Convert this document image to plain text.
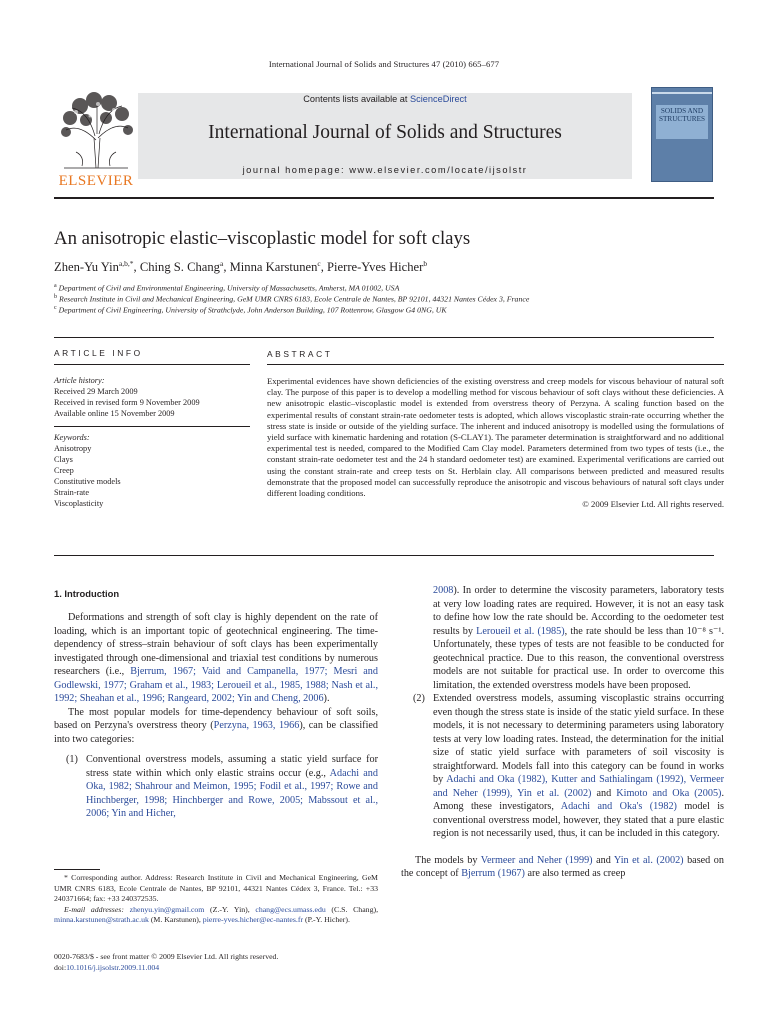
International Journal of Solids and Structures 47 (2010) 665–677
ELSEVIER
Contents lists available at ScienceDirect
International Journal of Solids and Structures
journal homepage: www.elsevier.com/locate/ijsolstr
SOLIDS AND
STRUCTURES
An anisotropic elastic–viscoplastic model for soft clays
Zhen-Yu Yin$^{a,b,*}$, Ching S. Chang$^a$, Minna Karstunen$^c$, Pierre-Yves Hicher$^b$
$^a$ Department of Civil and Environmental Engineering, University of Massachusetts, Amherst, MA 01002, USA
$^b$ Research Institute in Civil and Mechanical Engineering, GeM UMR CNRS 6183, Ecole Centrale de Nantes, BP 92101, 44321 Nantes Cédex 3, France
$^c$ Department of Civil Engineering, University of Strathclyde, John Anderson Building, 107 Rottenrow, Glasgow G4 0NG, UK
ARTICLE INFO	ABSTRACT
Article history:
Received 29 March 2009
Received in revised form 9 November 2009
Available online 15 November 2009
Keywords:
Anisotropy
Clays
Creep
Constitutive models
Strain-rate
Viscoplasticity
Experimental evidences have shown deficiencies of the existing overstress and creep models for viscous behaviour of natural soft clay. The purpose of this paper is to develop a modelling method for viscous behaviour of soft clays without these deficiencies. A new anisotropic elastic–viscoplastic model is extended from overstress theory of Perzyna. A scaling function based on the experimental results of constant strain-rate oedometer tests is adopted, which allows viscoplastic strain-rate occurring whether the stress state is inside or outside of the yielding surface. The inherent and induced anisotropy is modelled using the formulations of yield surface with kinematic hardening and rotation (S-CLAY1). The parameter determination is straightforward and no additional experimental test is needed, compared to the Modified Cam Clay model. Parameters determined from two types of tests (i.e., the constant strain-rate oedometer test and the 24 h standard oedometer test) are examined. Experimental verifications are carried out using the constant strain-rate and creep tests on St. Herblain clay. All comparisons between predicted and measured results demonstrate that the proposed model can successfully reproduce the anisotropic and viscous behaviours of natural soft clays under different loading conditions.
© 2009 Elsevier Ltd. All rights reserved.
1. Introduction

Deformations and strength of soft clay is highly dependent on the rate of loading, which is an important topic of geotechnical engineering. The time-dependency of stress–strain behaviour of soft clays has been experimentally investigated through one-dimensional and triaxial test conditions by numerous researchers (i.e., Bjerrum, 1967; Vaid and Campanella, 1977; Mesri and Godlewski, 1977; Graham et al., 1983; Leroueil et al., 1985, 1988; Nash et al., 1992; Sheahan et al., 1996; Rangeard, 2002; Yin and Cheng, 2006).

The most popular models for time-dependency behaviour of soft soils, based on Perzyna's overstress theory (Perzyna, 1963, 1966), can be classified into two categories:

(1) Conventional overstress models, assuming a static yield surface for stress state within which only elastic strains occur (e.g., Adachi and Oka, 1982; Shahrour and Meimon, 1995; Fodil et al., 1997; Rowe and Hinchberger, 1998; Hinchberger and Rowe, 2005; Mabssout et al., 2006; Yin and Hicher,

* Corresponding author. Address: Research Institute in Civil and Mechanical Engineering, GeM UMR CNRS 6183, Ecole Centrale de Nantes, BP 92101, 44321 Nantes Cédex 3, France. Tel.: +33 240371664; fax: +33 240372535.
E-mail addresses: zhenyu.yin@gmail.com (Z.-Y. Yin), chang@ecs.umass.edu (C.S. Chang), minna.karstunen@strath.ac.uk (M. Karstunen), pierre-yves.hicher@ec-nantes.fr (P.-Y. Hicher).
0020-7683/$ - see front matter © 2009 Elsevier Ltd. All rights reserved.
doi:10.1016/j.ijsolstr.2009.11.004

2008). In order to determine the viscosity parameters, laboratory tests at very low loading rates are required. However, it is not an easy task to define how low the rate should be. According to the oedometer test results by Leroueil et al. (1985), the rate should be less than 10⁻⁸ s⁻¹. Unfortunately, these types of tests are not feasible to be conducted for geotechnical practice. Due to this reason, the conventional overstress models are not suitable for practical use. In order to overcome this limitation, the extended overstress models have been proposed.

(2) Extended overstress models, assuming viscoplastic strains occurring even though the stress state is inside of the static yield surface. In these models, it is not necessary to determining parameters using laboratory tests at very low loading rates. Instead, the determination for the initial size of static yield surface with parameters of soil viscosity is straightforward. Models fall into this category can be found in works by Adachi and Oka (1982), Kutter and Sathialingam (1992), Vermeer and Neher (1999), Yin et al. (2002) and Kimoto and Oka (2005). Among these investigators, Adachi and Oka's (1982) model is conventional overstress model, however, they stated that a pure elastic region is not necessarily used, thus, it can be included in this category.

The models by Vermeer and Neher (1999) and Yin et al. (2002) based on the concept of Bjerrum (1967) are also termed as creep
